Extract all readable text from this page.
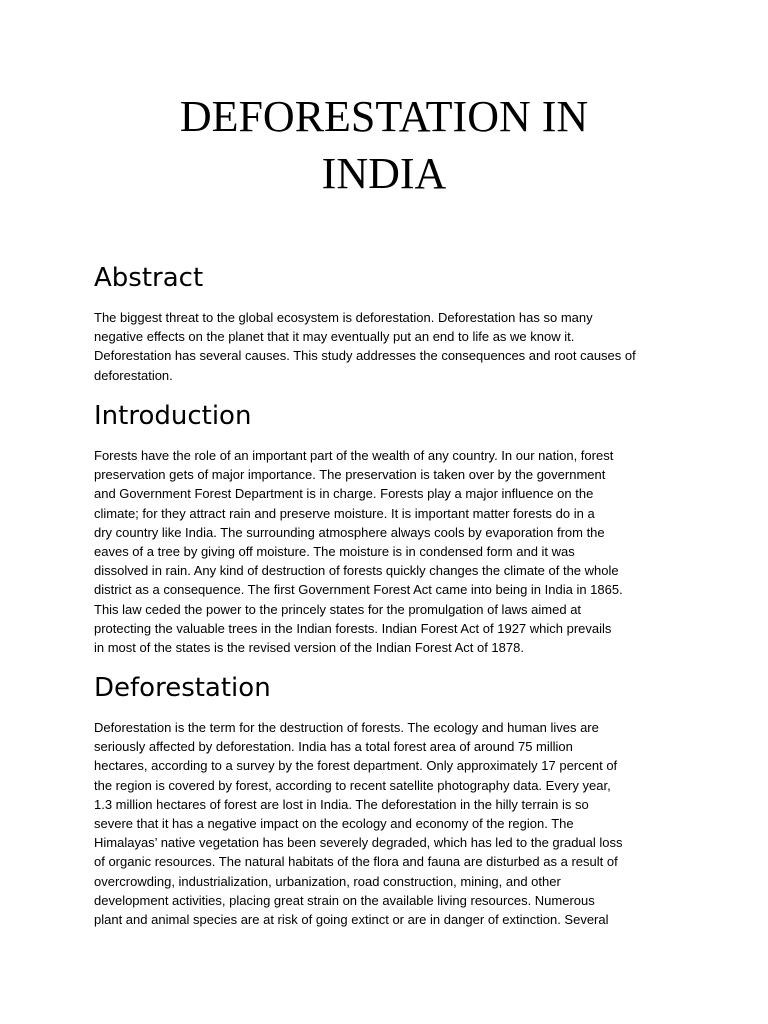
DEFORESTATION IN
INDIA
Abstract
The biggest threat to the global ecosystem is deforestation. Deforestation has so many
negative effects on the planet that it may eventually put an end to life as we know it.
Deforestation has several causes. This study addresses the consequences and root causes of
deforestation.
Introduction
Forests have the role of an important part of the wealth of any country. In our nation, forest
preservation gets of major importance. The preservation is taken over by the government
and Government Forest Department is in charge. Forests play a major influence on the
climate; for they attract rain and preserve moisture. It is important matter forests do in a
dry country like India. The surrounding atmosphere always cools by evaporation from the
eaves of a tree by giving off moisture. The moisture is in condensed form and it was
dissolved in rain. Any kind of destruction of forests quickly changes the climate of the whole
district as a consequence. The first Government Forest Act came into being in India in 1865.
This law ceded the power to the princely states for the promulgation of laws aimed at
protecting the valuable trees in the Indian forests. Indian Forest Act of 1927 which prevails
in most of the states is the revised version of the Indian Forest Act of 1878.
Deforestation
Deforestation is the term for the destruction of forests. The ecology and human lives are
seriously affected by deforestation. India has a total forest area of around 75 million
hectares, according to a survey by the forest department. Only approximately 17 percent of
the region is covered by forest, according to recent satellite photography data. Every year,
1.3 million hectares of forest are lost in India. The deforestation in the hilly terrain is so
severe that it has a negative impact on the ecology and economy of the region. The
Himalayas’ native vegetation has been severely degraded, which has led to the gradual loss
of organic resources. The natural habitats of the flora and fauna are disturbed as a result of
overcrowding, industrialization, urbanization, road construction, mining, and other
development activities, placing great strain on the available living resources. Numerous
plant and animal species are at risk of going extinct or are in danger of extinction. Several
